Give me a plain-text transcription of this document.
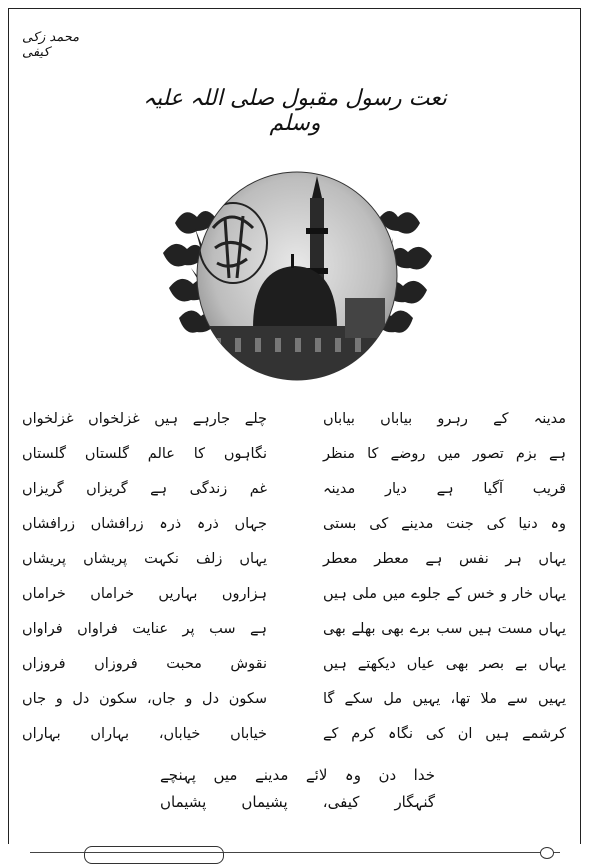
محمد زکی کیفی
نعت رسول مقبول صلی اللہ علیہ وسلم
مدینہ کے رہرو بیاباں بیاباں
ہے بزم تصور میں روضے کا منظر
قریب آگیا ہے دیار مدینہ
وہ دنیا کی جنت مدینے کی بستی
یہاں ہر نفس ہے معطر معطر
یہاں خار و خس کے جلوے میں ملی ہیں
یہاں مست ہیں سب برے بھی بھلے بھی
یہاں بے بصر بھی عیاں دیکھتے ہیں
یہیں سے ملا تھا، یہیں مل سکے گا
کرشمے ہیں ان کی نگاہ کرم کے
چلے جارہے ہیں غزلخواں غزلخواں
نگاہوں کا عالم گلستاں گلستاں
غم زندگی ہے گریزاں گریزاں
جہاں ذرہ ذرہ زرافشاں زرافشاں
یہاں زلف نکہت پریشاں پریشاں
ہزاروں بہاریں خراماں خراماں
ہے سب پر عنایت فراواں فراواں
نقوش محبت فروزاں فروزاں
سکون دل و جاں، سکون دل و جاں
خیاباں خیاباں، بہاراں بہاراں
خدا دن وہ لائے مدینے میں پہنچے
گنہگار کیفی، پشیماں پشیماں
